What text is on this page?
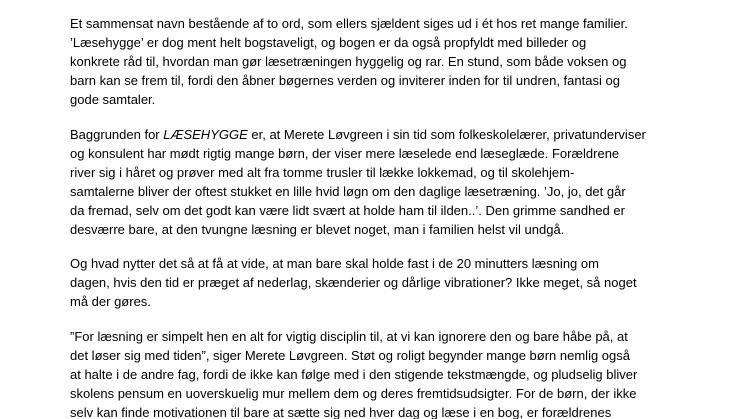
Et sammensat navn bestående af to ord, som ellers sjældent siges ud i ét hos ret mange familier.
’Læsehygge’ er dog ment helt bogstaveligt, og bogen er da også propfyldt med billeder og
konkrete råd til, hvordan man gør læsetræningen hyggelig og rar. En stund, som både voksen og
barn kan se frem til, fordi den åbner bøgernes verden og inviterer inden for til undren, fantasi og
gode samtaler.
Baggrunden for LÆSEHYGGE er, at Merete Løvgreen i sin tid som folkeskolelærer, privatunderviser
og konsulent har mødt rigtig mange børn, der viser mere læselede end læseglæde. Forældrene
river sig i håret og prøver med alt fra tomme trusler til lække lokkemad, og til skolehjem-
samtalerne bliver der oftest stukket en lille hvid løgn om den daglige læsetræning. ’Jo, jo, det går
da fremad, selv om det godt kan være lidt svært at holde ham til ilden..’. Den grimme sandhed er
desværre bare, at den tvungne læsning er blevet noget, man i familien helst vil undgå.
Og hvad nytter det så at få at vide, at man bare skal holde fast i de 20 minutters læsning om
dagen, hvis den tid er præget af nederlag, skænderier og dårlige vibrationer? Ikke meget, så noget
må der gøres.
”For læsning er simpelt hen en alt for vigtig disciplin til, at vi kan ignorere den og bare håbe på, at
det løser sig med tiden”, siger Merete Løvgreen. Støt og roligt begynder mange børn nemlig også
at halte i de andre fag, fordi de ikke kan følge med i den stigende tekstmængde, og pludselig bliver
skolens pensum en uoverskuelig mur mellem dem og deres fremtidsudsigter. For de børn, der ikke
selv kan finde motivationen til bare at sætte sig ned hver dag og læse i en bog, er forældrenes
